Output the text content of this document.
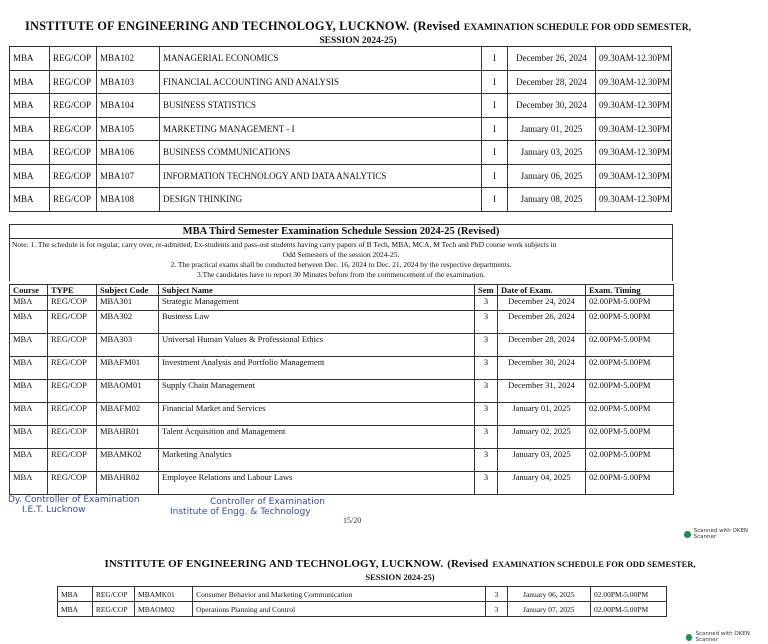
INSTITUTE OF ENGINEERING AND TECHNOLOGY, LUCKNOW. (Revised EXAMINATION SCHEDULE FOR ODD SEMESTER,
SESSION 2024-25)
MBA	REG/COP	MBA102	MANAGERIAL ECONOMICS	I	December 26, 2024	09.30AM-12.30PM
MBA	REG/COP	MBA103	FINANCIAL ACCOUNTING AND ANALYSIS	I	December 28, 2024	09.30AM-12.30PM
MBA	REG/COP	MBA104	BUSINESS STATISTICS	I	December 30, 2024	09.30AM-12.30PM
MBA	REG/COP	MBA105	MARKETING MANAGEMENT - I	I	January 01, 2025	09.30AM-12.30PM
MBA	REG/COP	MBA106	BUSINESS COMMUNICATIONS	I	January 03, 2025	09.30AM-12.30PM
MBA	REG/COP	MBA107	INFORMATION TECHNOLOGY AND DATA ANALYTICS	I	January 06, 2025	09.30AM-12.30PM
MBA	REG/COP	MBA108	DESIGN THINKING	I	January 08, 2025	09.30AM-12.30PM
MBA Third Semester Examination Schedule Session 2024-25 (Revised)
Note: 1. The schedule is for regular, carry over, re-admitted, Ex-students and pass-out students having carry papers of B Tech, MBA, MCA, M Tech and PhD course work subjects in
Odd Semesters of the session 2024-25.
2. The practical exams shall be conducted between Dec. 16, 2024 to Dec. 21, 2024 by the respective departments.
3.The candidates have to report 30 Minutes before from the commencement of the examination.
Course	TYPE	Subject Code	Subject Name	Sem	Date of Exam.	Exam. Timing
MBA	REG/COP	MBA301	Strategic Management	3	December 24, 2024	02.00PM-5.00PM
MBA	REG/COP	MBA302	Business Law	3	December 26, 2024	02.00PM-5.00PM
MBA	REG/COP	MBA303	Universal Human Values & Professional Ethics	3	December 28, 2024	02.00PM-5.00PM
MBA	REG/COP	MBAFM01	Investment Analysis and Portfolio Management	3	December 30, 2024	02.00PM-5.00PM
MBA	REG/COP	MBAOM01	Supply Chain Management	3	December 31, 2024	02.00PM-5.00PM
MBA	REG/COP	MBAFM02	Financial Market and Services	3	January 01, 2025	02.00PM-5.00PM
MBA	REG/COP	MBAHR01	Talent Acquisition and Management	3	January 02, 2025	02.00PM-5.00PM
MBA	REG/COP	MBAMK02	Marketing Analytics	3	January 03, 2025	02.00PM-5.00PM
MBA	REG/COP	MBAHR02	Employee Relations and Labour Laws	3	January 04, 2025	02.00PM-5.00PM
Dy. Controller of Examination
I.E.T. Lucknow
Controller of Examination
Institute of Engg. & Technology
15/20
Scanned with OKEN Scanner
INSTITUTE OF ENGINEERING AND TECHNOLOGY, LUCKNOW. (Revised EXAMINATION SCHEDULE FOR ODD SEMESTER,
SESSION 2024-25)
MBA	REG/COP	MBAMK01	Consumer Behavior and Marketing Communication	3	January 06, 2025	02.00PM-5.00PM
MBA	REG/COP	MBAOM02	Operations Planning and Control	3	January 07, 2025	02.00PM-5.00PM
Scanned with OKEN Scanner
